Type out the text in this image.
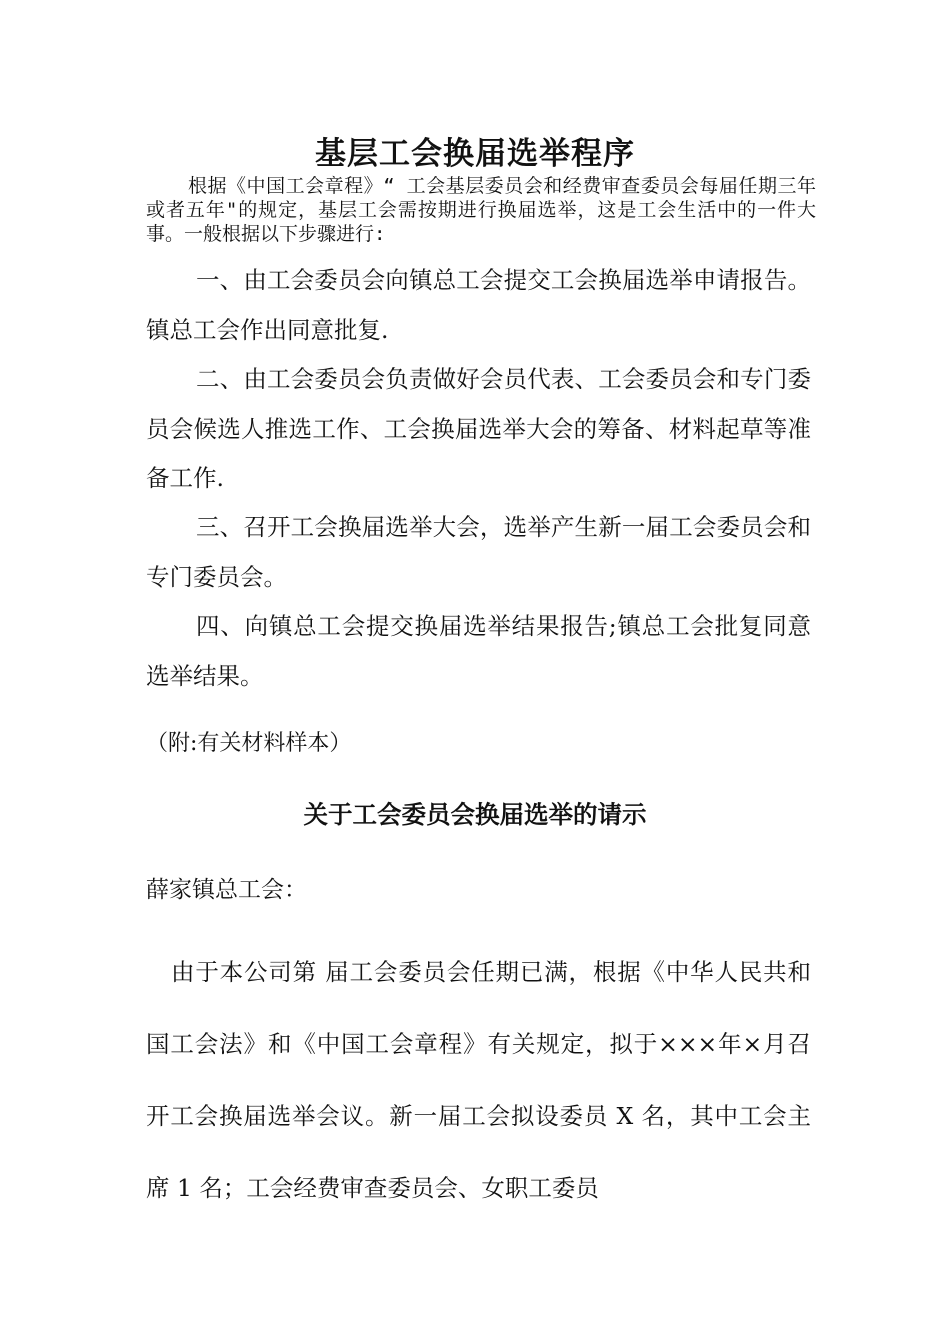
基层工会换届选举程序

根据《中国工会章程》“ 工会基层委员会和经费审查委员会每届任期三年或者五年"的规定，基层工会需按期进行换届选举，这是工会生活中的一件大事。一般根据以下步骤进行:

一、由工会委员会向镇总工会提交工会换届选举申请报告。镇总工会作出同意批复.

二、由工会委员会负责做好会员代表、工会委员会和专门委员会候选人推选工作、工会换届选举大会的筹备、材料起草等准备工作.

三、召开工会换届选举大会，选举产生新一届工会委员会和专门委员会。

四、向镇总工会提交换届选举结果报告;镇总工会批复同意选举结果。

（附:有关材料样本）

关于工会委员会换届选举的请示

薛家镇总工会：

由于本公司第 届工会委员会任期已满，根据《中华人民共和国工会法》和《中国工会章程》有关规定，拟于×××年×月召开工会换届选举会议。新一届工会拟设委员 X 名，其中工会主席 1 名；工会经费审查委员会、女职工委员
